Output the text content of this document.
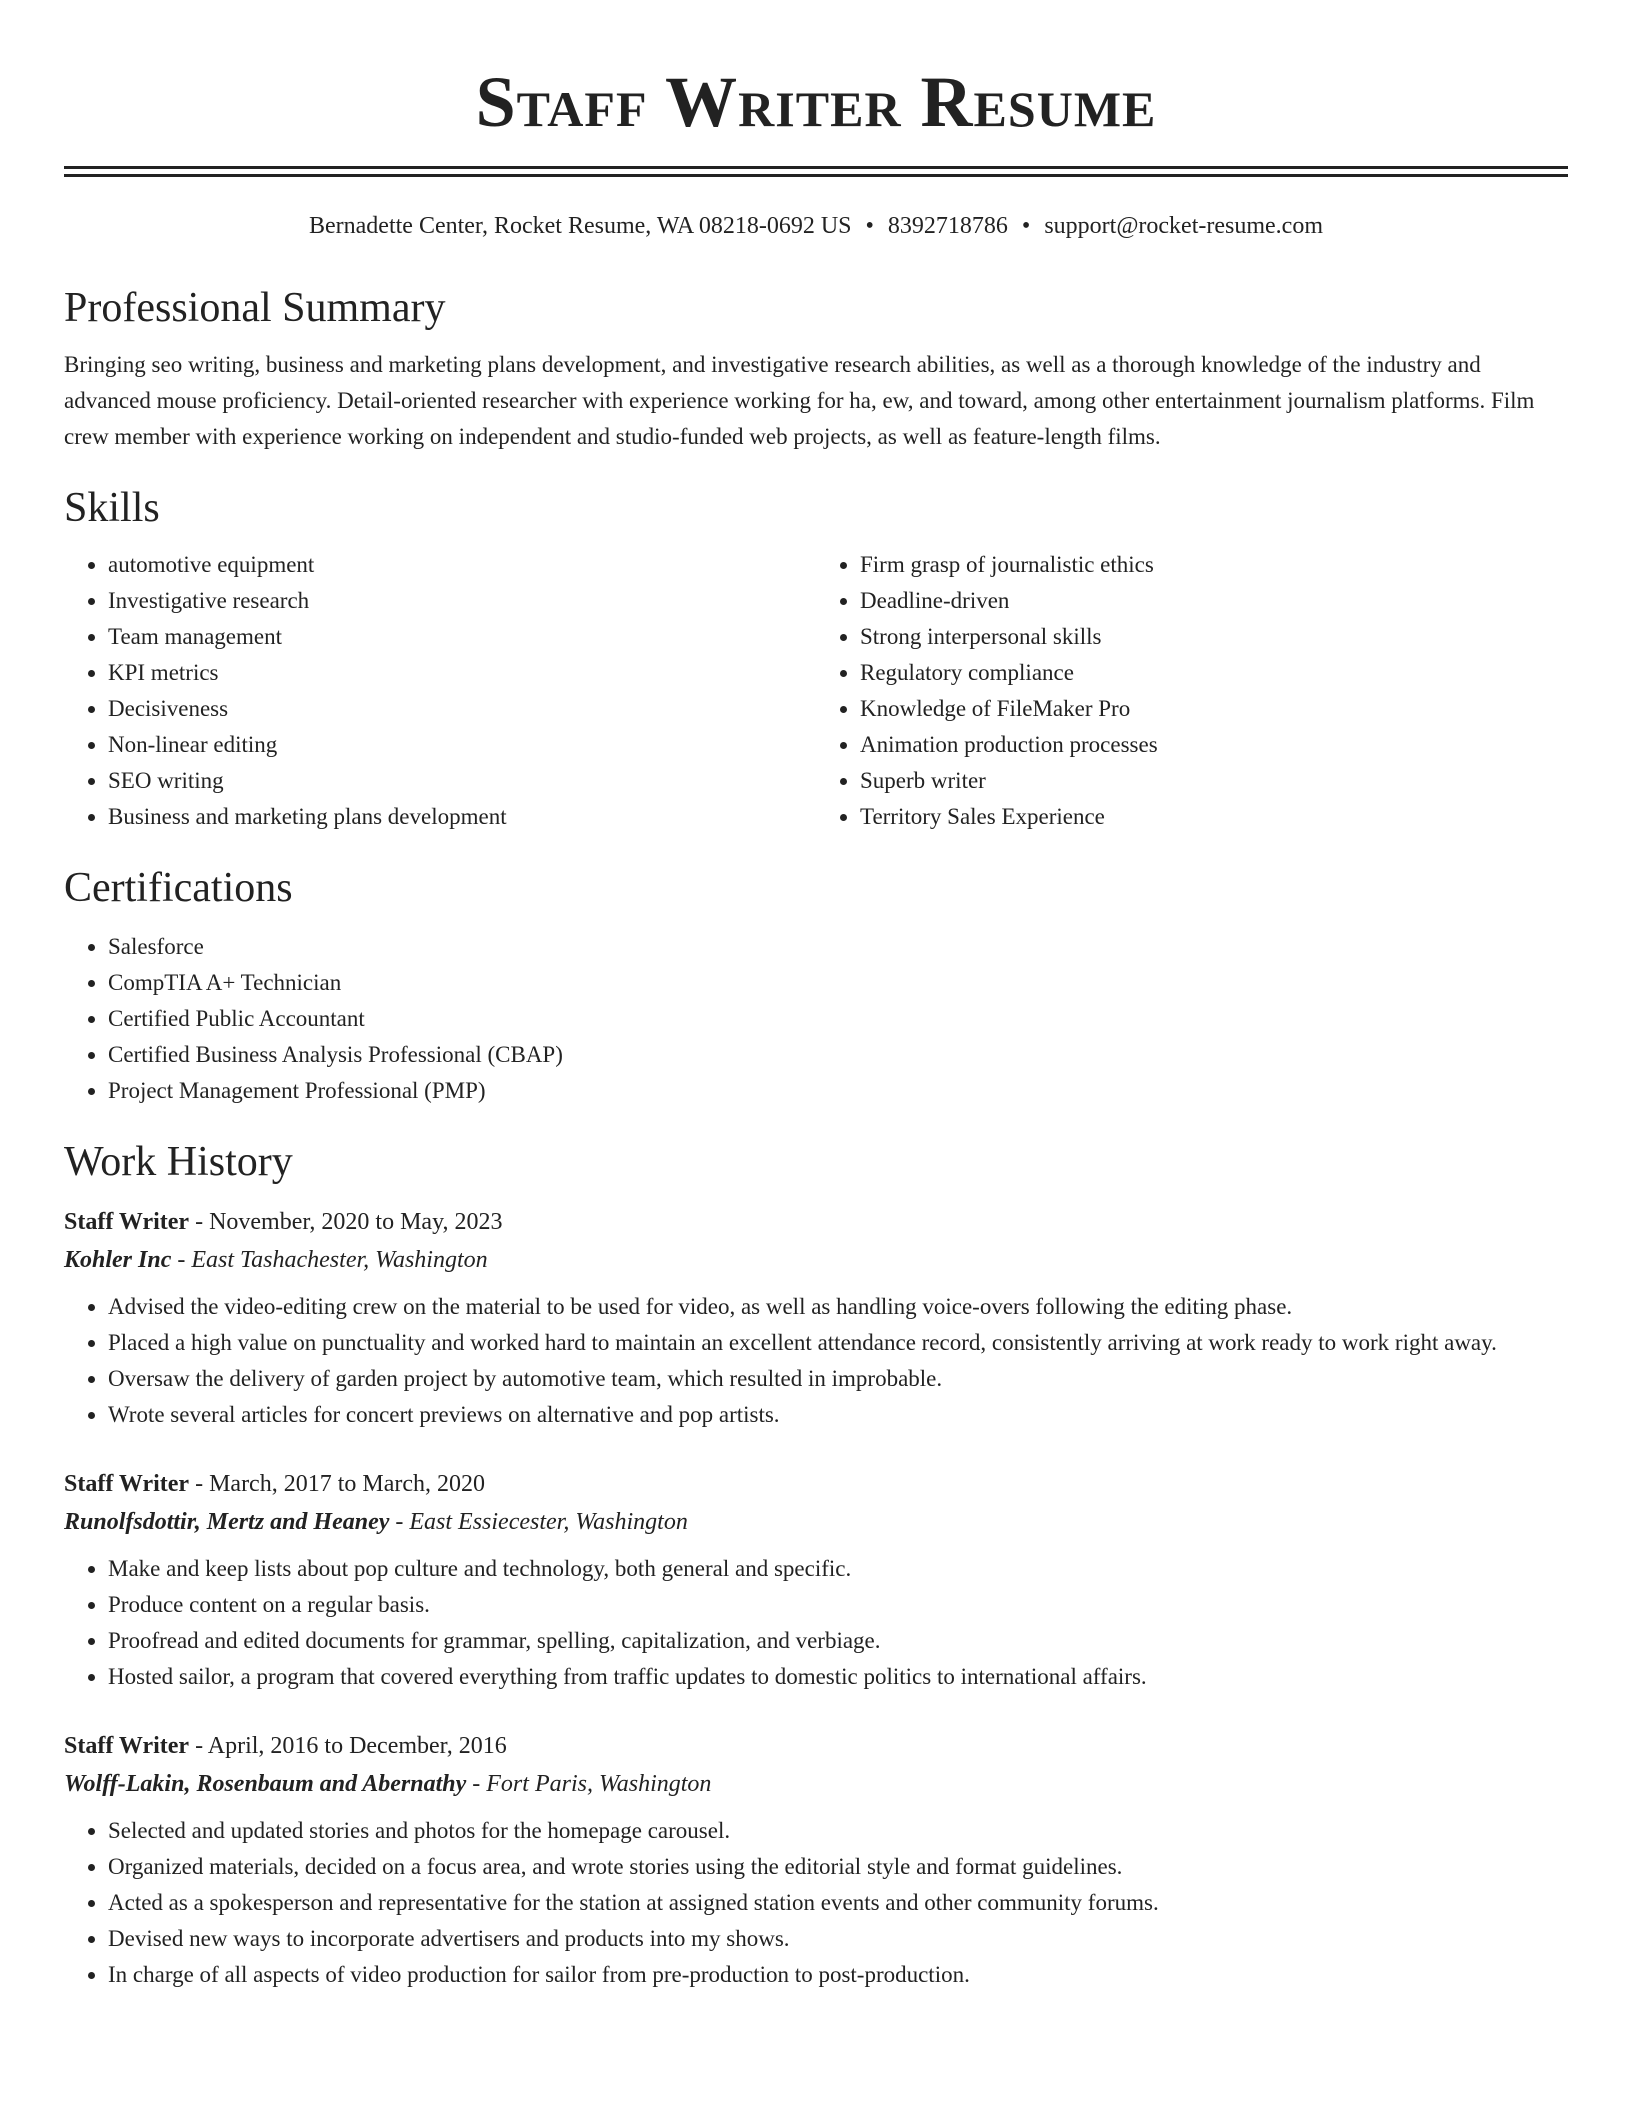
Staff Writer Resume
Bernadette Center, Rocket Resume, WA 08218-0692 US • 8392718786 • support@rocket-resume.com
Professional Summary
Bringing seo writing, business and marketing plans development, and investigative research abilities, as well as a thorough knowledge of the industry and advanced mouse proficiency. Detail-oriented researcher with experience working for ha, ew, and toward, among other entertainment journalism platforms. Film crew member with experience working on independent and studio-funded web projects, as well as feature-length films.
Skills
• automotive equipment
• Investigative research
• Team management
• KPI metrics
• Decisiveness
• Non-linear editing
• SEO writing
• Business and marketing plans development
• Firm grasp of journalistic ethics
• Deadline-driven
• Strong interpersonal skills
• Regulatory compliance
• Knowledge of FileMaker Pro
• Animation production processes
• Superb writer
• Territory Sales Experience
Certifications
• Salesforce
• CompTIA A+ Technician
• Certified Public Accountant
• Certified Business Analysis Professional (CBAP)
• Project Management Professional (PMP)
Work History
Staff Writer - November, 2020 to May, 2023
Kohler Inc - East Tashachester, Washington
• Advised the video-editing crew on the material to be used for video, as well as handling voice-overs following the editing phase.
• Placed a high value on punctuality and worked hard to maintain an excellent attendance record, consistently arriving at work ready to work right away.
• Oversaw the delivery of garden project by automotive team, which resulted in improbable.
• Wrote several articles for concert previews on alternative and pop artists.
Staff Writer - March, 2017 to March, 2020
Runolfsdottir, Mertz and Heaney - East Essiecester, Washington
• Make and keep lists about pop culture and technology, both general and specific.
• Produce content on a regular basis.
• Proofread and edited documents for grammar, spelling, capitalization, and verbiage.
• Hosted sailor, a program that covered everything from traffic updates to domestic politics to international affairs.
Staff Writer - April, 2016 to December, 2016
Wolff-Lakin, Rosenbaum and Abernathy - Fort Paris, Washington
• Selected and updated stories and photos for the homepage carousel.
• Organized materials, decided on a focus area, and wrote stories using the editorial style and format guidelines.
• Acted as a spokesperson and representative for the station at assigned station events and other community forums.
• Devised new ways to incorporate advertisers and products into my shows.
• In charge of all aspects of video production for sailor from pre-production to post-production.
